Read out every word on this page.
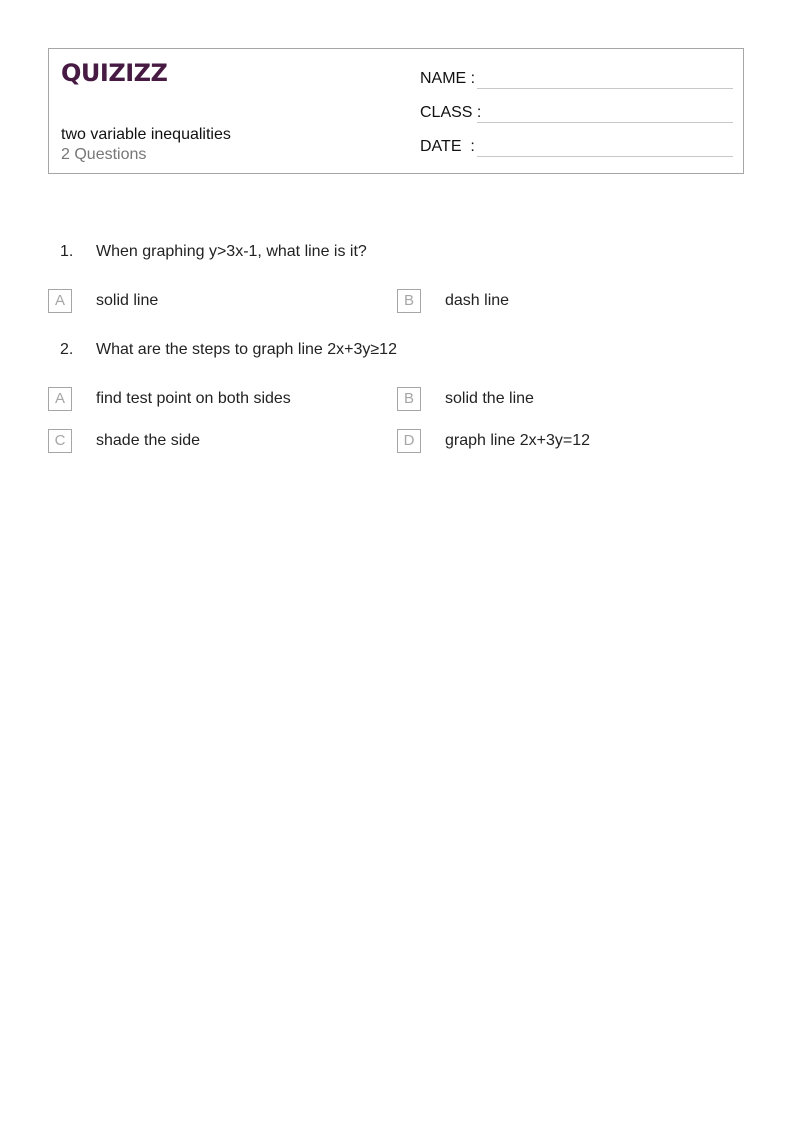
QUIZIZZ
two variable inequalities
2 Questions
NAME :
CLASS :
DATE  :
1. When graphing y>3x-1, what line is it?
A	solid line	B	dash line
2. What are the steps to graph line 2x+3y≥12
A	find test point on both sides	B	solid the line
C	shade the side	D	graph line 2x+3y=12
